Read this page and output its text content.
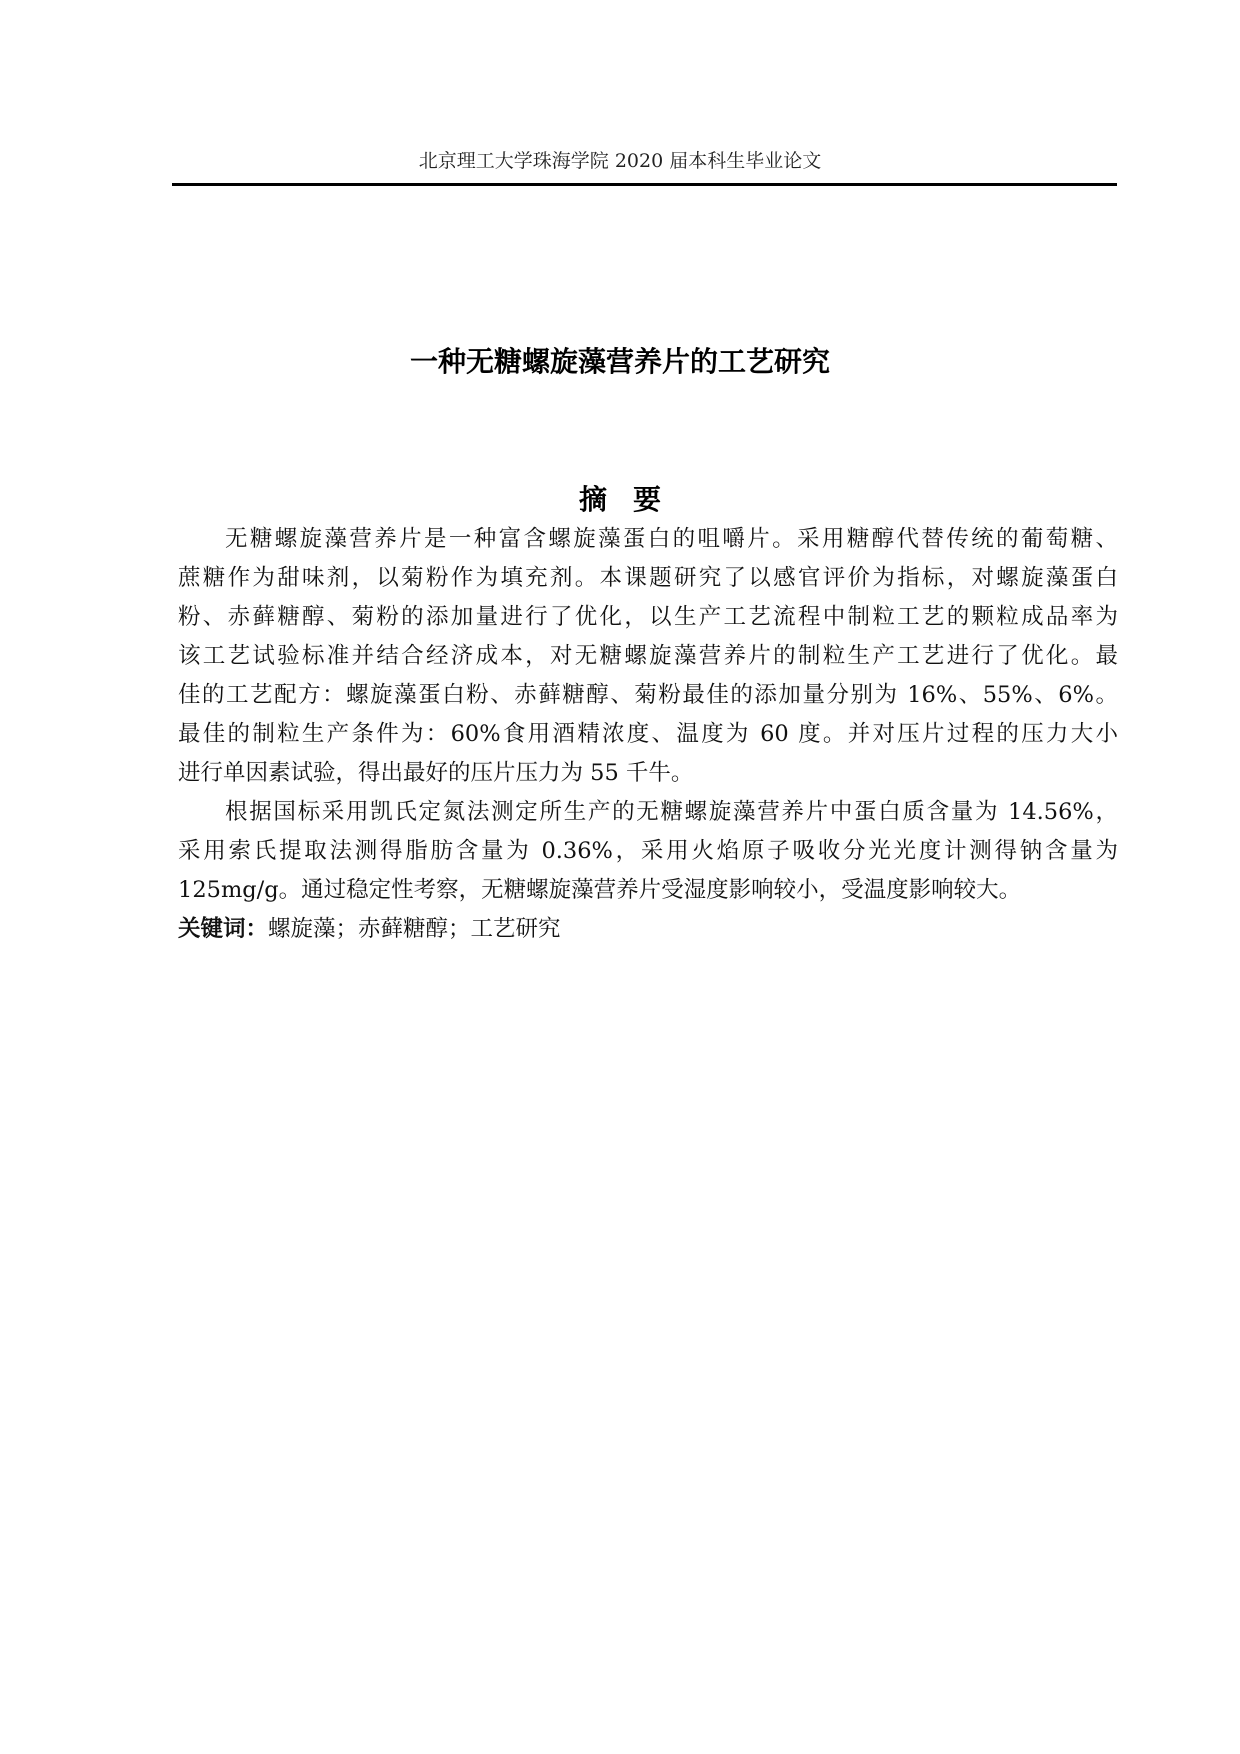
北京理工大学珠海学院 2020 届本科生毕业论文
一种无糖螺旋藻营养片的工艺研究
摘要
无糖螺旋藻营养片是一种富含螺旋藻蛋白的咀嚼片。采用糖醇代替传统的葡萄糖、
蔗糖作为甜味剂，以菊粉作为填充剂。本课题研究了以感官评价为指标，对螺旋藻蛋白
粉、赤藓糖醇、菊粉的添加量进行了优化，以生产工艺流程中制粒工艺的颗粒成品率为
该工艺试验标准并结合经济成本，对无糖螺旋藻营养片的制粒生产工艺进行了优化。最
佳的工艺配方：螺旋藻蛋白粉、赤藓糖醇、菊粉最佳的添加量分别为 16%、55%、6%。
最佳的制粒生产条件为：60%食用酒精浓度、温度为 60 度。并对压片过程的压力大小
进行单因素试验，得出最好的压片压力为 55 千牛。
根据国标采用凯氏定氮法测定所生产的无糖螺旋藻营养片中蛋白质含量为 14.56%，
采用索氏提取法测得脂肪含量为 0.36%，采用火焰原子吸收分光光度计测得钠含量为
125mg/g。通过稳定性考察，无糖螺旋藻营养片受湿度影响较小，受温度影响较大。
关键词： 螺旋藻；赤藓糖醇；工艺研究
